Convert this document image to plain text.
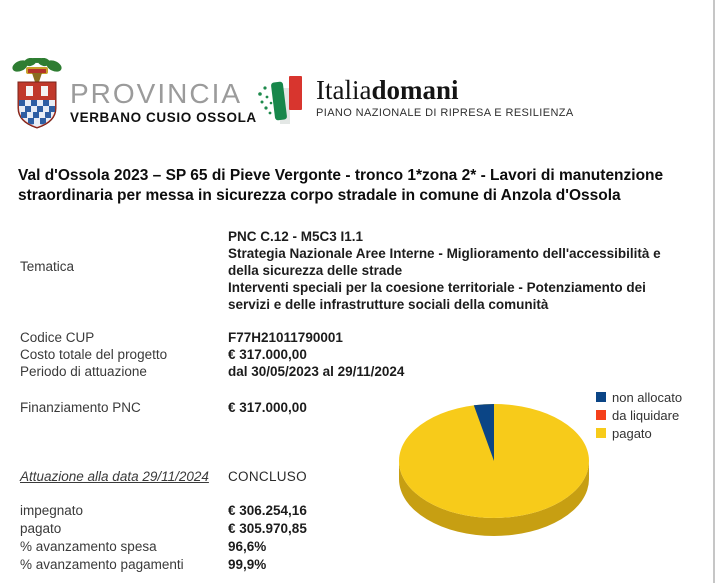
PROVINCIA
VERBANO CUSIO OSSOLA
Italiadomani
PIANO NAZIONALE DI RIPRESA E RESILIENZA
Val d'Ossola 2023 – SP 65 di Pieve Vergonte - tronco 1*zona 2* - Lavori di manutenzione straordinaria per messa in sicurezza corpo stradale in comune di Anzola d'Ossola
Tematica
PNC C.12 - M5C3 I1.1
Strategia Nazionale Aree Interne - Miglioramento dell'accessibilità e della sicurezza delle strade
Interventi speciali per la coesione territoriale - Potenziamento dei servizi e delle infrastrutture sociali della comunità
Codice CUP	F77H21011790001
Costo totale del progetto	€ 317.000,00
Periodo di attuazione	dal 30/05/2023 al 29/11/2024
Finanziamento PNC	€ 317.000,00
Attuazione alla data 29/11/2024 CONCLUSO
impegnato	€ 306.254,16
pagato	€ 305.970,85
% avanzamento spesa	96,6%
% avanzamento pagamenti	99,9%
non allocato
da liquidare
pagato
